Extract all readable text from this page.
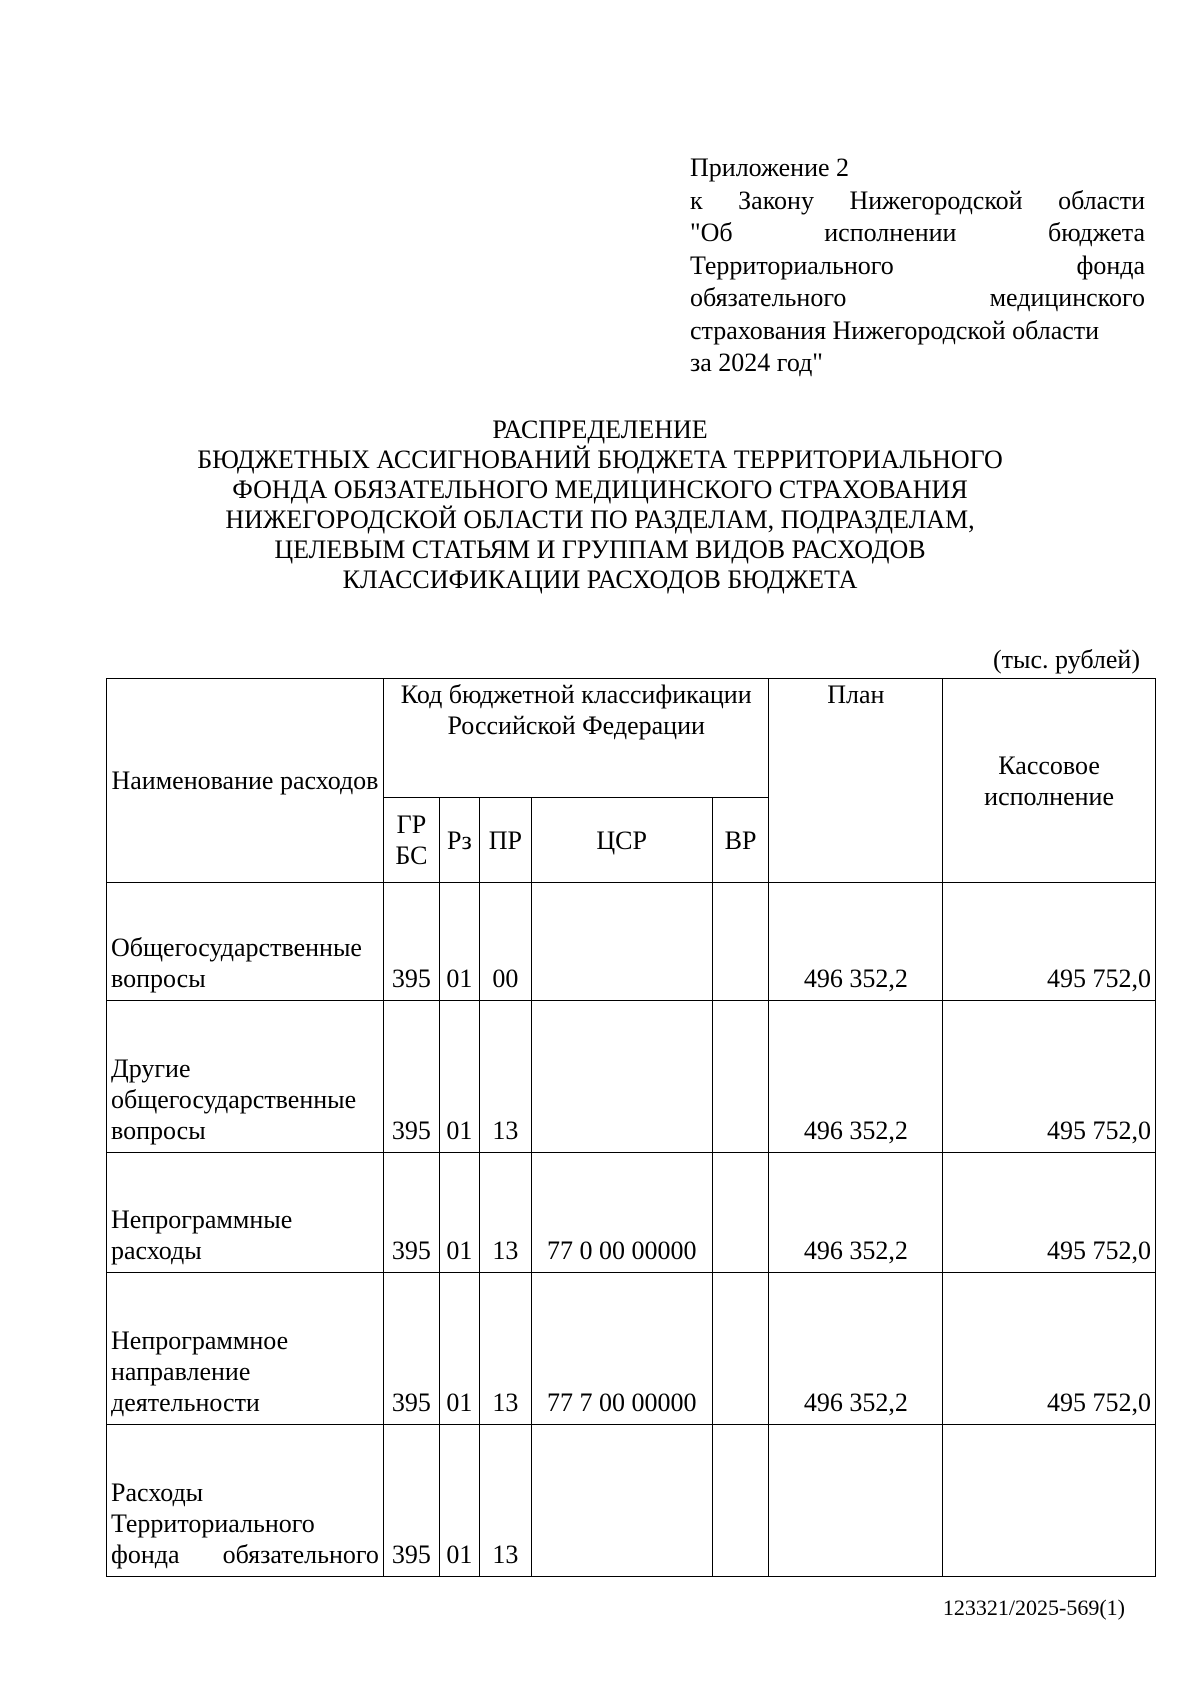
Приложение 2
к Закону Нижегородской области
"Об исполнении бюджета
Территориального фонда
обязательного медицинского
страхования Нижегородской области
за 2024 год"
РАСПРЕДЕЛЕНИЕ
БЮДЖЕТНЫХ АССИГНОВАНИЙ БЮДЖЕТА ТЕРРИТОРИАЛЬНОГО
ФОНДА ОБЯЗАТЕЛЬНОГО МЕДИЦИНСКОГО СТРАХОВАНИЯ
НИЖЕГОРОДСКОЙ ОБЛАСТИ ПО РАЗДЕЛАМ, ПОДРАЗДЕЛАМ,
ЦЕЛЕВЫМ СТАТЬЯМ И ГРУППАМ ВИДОВ РАСХОДОВ
КЛАССИФИКАЦИИ РАСХОДОВ БЮДЖЕТА
(тыс. рублей)
Наименование расходов	Код бюджетной классификации Российской Федерации					План	Кассовое исполнение
	ГР
БС	Рз	ПР	ЦСР	ВР		
Общегосударственные вопросы	395	01	00			496 352,2	495 752,0
Другие общегосударственные вопросы	395	01	13			496 352,2	495 752,0
Непрограммные расходы	395	01	13	77 0 00 00000		496 352,2	495 752,0
Непрограммное направление деятельности	395	01	13	77 7 00 00000		496 352,2	495 752,0

Расходы
Территориального
фонда обязательного	395	01	13				
123321/2025-569(1)
